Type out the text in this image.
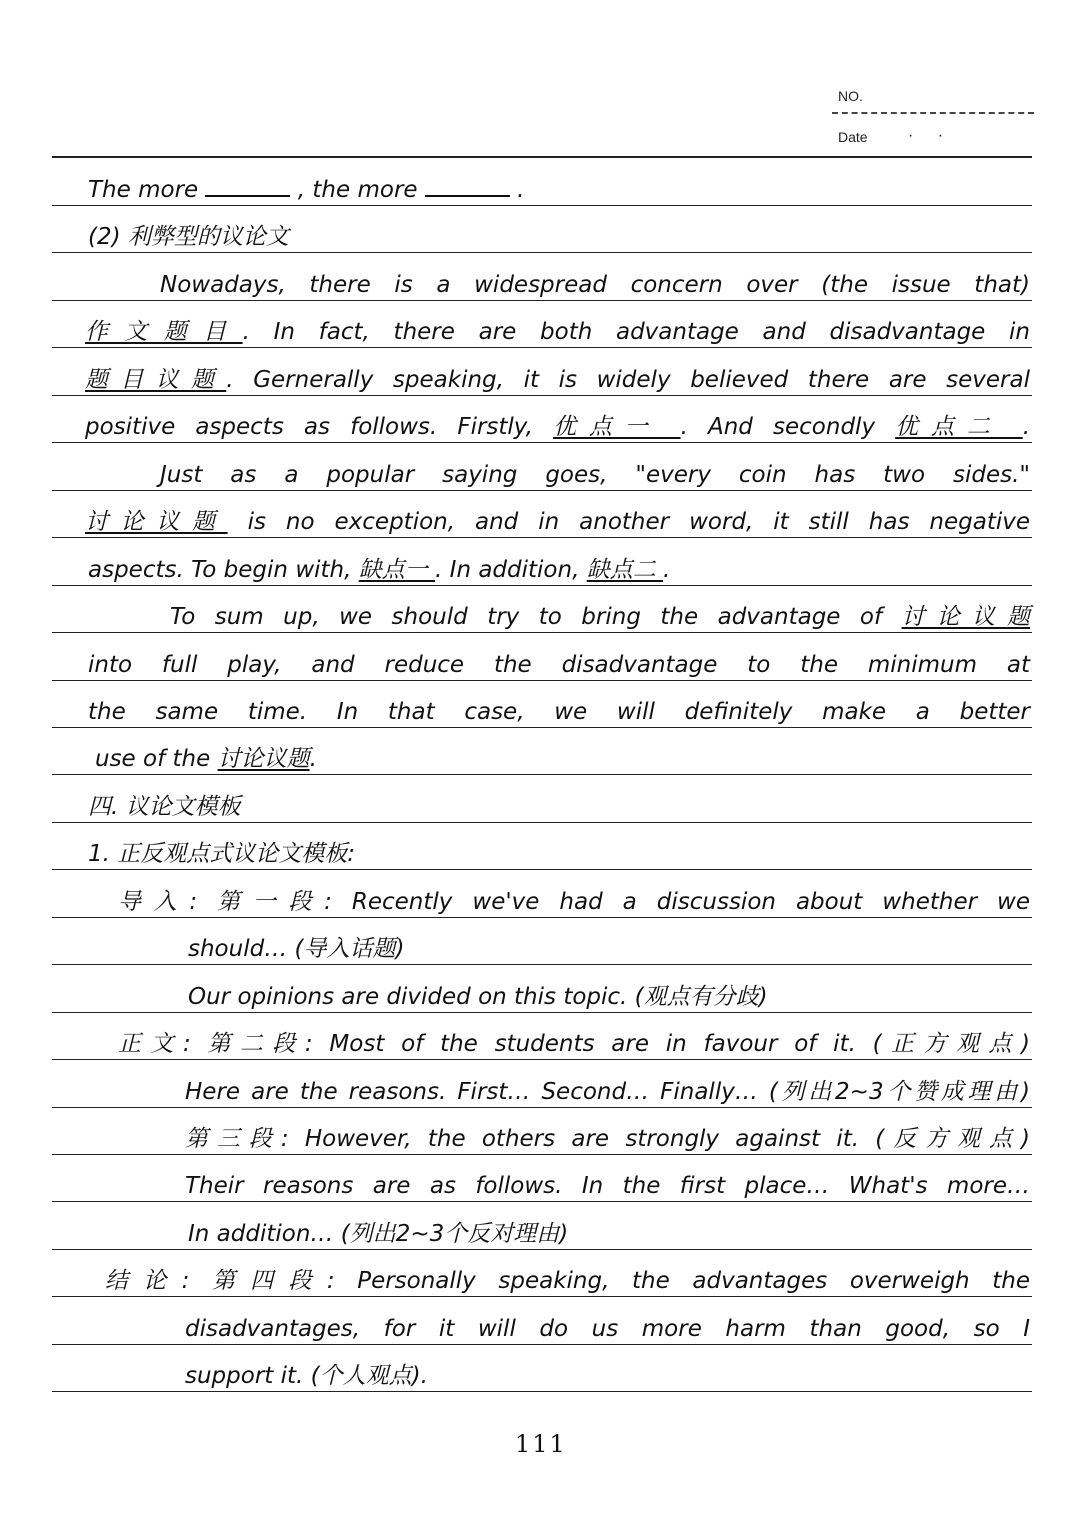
NO.
Date	· ·
The more	, the more	.
(2) 利弊型的议论文
Nowadays, there is a widespread concern over (the issue that)
作文题目. In fact, there are both advantage and disadvantage in
题目议题. Gernerally speaking, it is widely believed there are several
positive aspects as follows. Firstly, 优点一 . And secondly 优点二 .
Just as a popular saying goes, "every coin has two sides."
讨论议题 is no exception, and in another word, it still has negative
aspects. To begin with, 缺点一 . In addition, 缺点二 .
To sum up, we should try to bring the advantage of 讨论议题
into full play, and reduce the disadvantage to the minimum at
the same time. In that case, we will definitely make a better
use of the 讨论议题.
四. 议论文模板
1. 正反观点式议论文模板:
导入: 第一段: Recently we've had a discussion about whether we
should… (导入话题)
Our opinions are divided on this topic. (观点有分歧)
正文: 第二段: Most of the students are in favour of it. (正方观点)
Here are the reasons. First… Second… Finally… (列出2~3个赞成理由)
第三段: However, the others are strongly against it. (反方观点)
Their reasons are as follows. In the first place… What's more…
In addition… (列出2~3个反对理由)
结论: 第四段: Personally speaking, the advantages overweigh the
disadvantages, for it will do us more harm than good, so I
support it. (个人观点).
111
